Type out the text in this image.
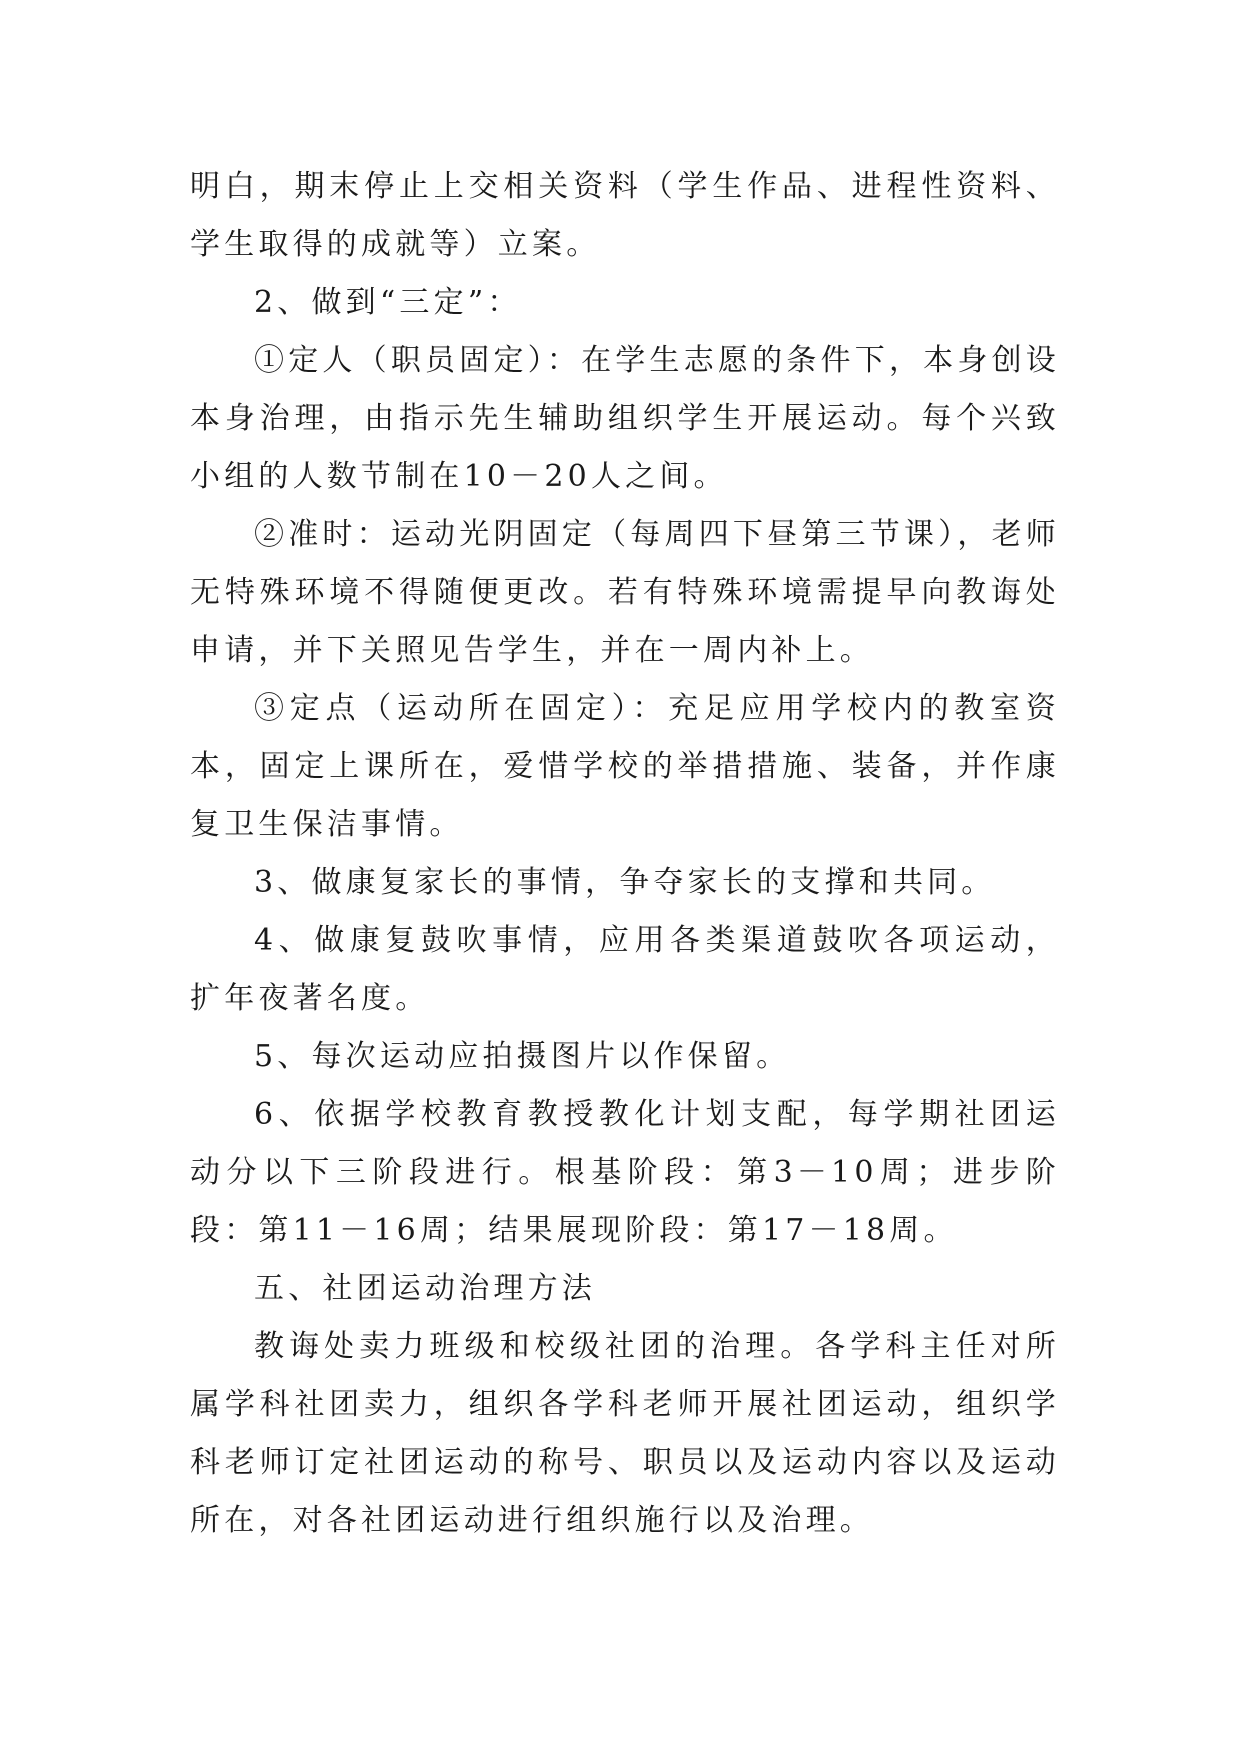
明白，期末停止上交相关资料（学生作品、进程性资料、学生取得的成就等）立案。

2、做到“三定”：

①定人（职员固定）：在学生志愿的条件下，本身创设本身治理，由指示先生辅助组织学生开展运动。每个兴致小组的人数节制在10－20人之间。

②准时：运动光阴固定（每周四下昼第三节课），老师无特殊环境不得随便更改。若有特殊环境需提早向教诲处申请，并下关照见告学生，并在一周内补上。

③定点（运动所在固定）：充足应用学校内的教室资本，固定上课所在，爱惜学校的举措措施、装备，并作康复卫生保洁事情。

3、做康复家长的事情，争夺家长的支撑和共同。

4、做康复鼓吹事情，应用各类渠道鼓吹各项运动，扩年夜著名度。

5、每次运动应拍摄图片以作保留。

6、依据学校教育教授教化计划支配，每学期社团运动分以下三阶段进行。根基阶段：第3－10周；进步阶段：第11－16周；结果展现阶段：第17－18周。

五、社团运动治理方法

教诲处卖力班级和校级社团的治理。各学科主任对所属学科社团卖力，组织各学科老师开展社团运动，组织学科老师订定社团运动的称号、职员以及运动内容以及运动所在，对各社团运动进行组织施行以及治理。
